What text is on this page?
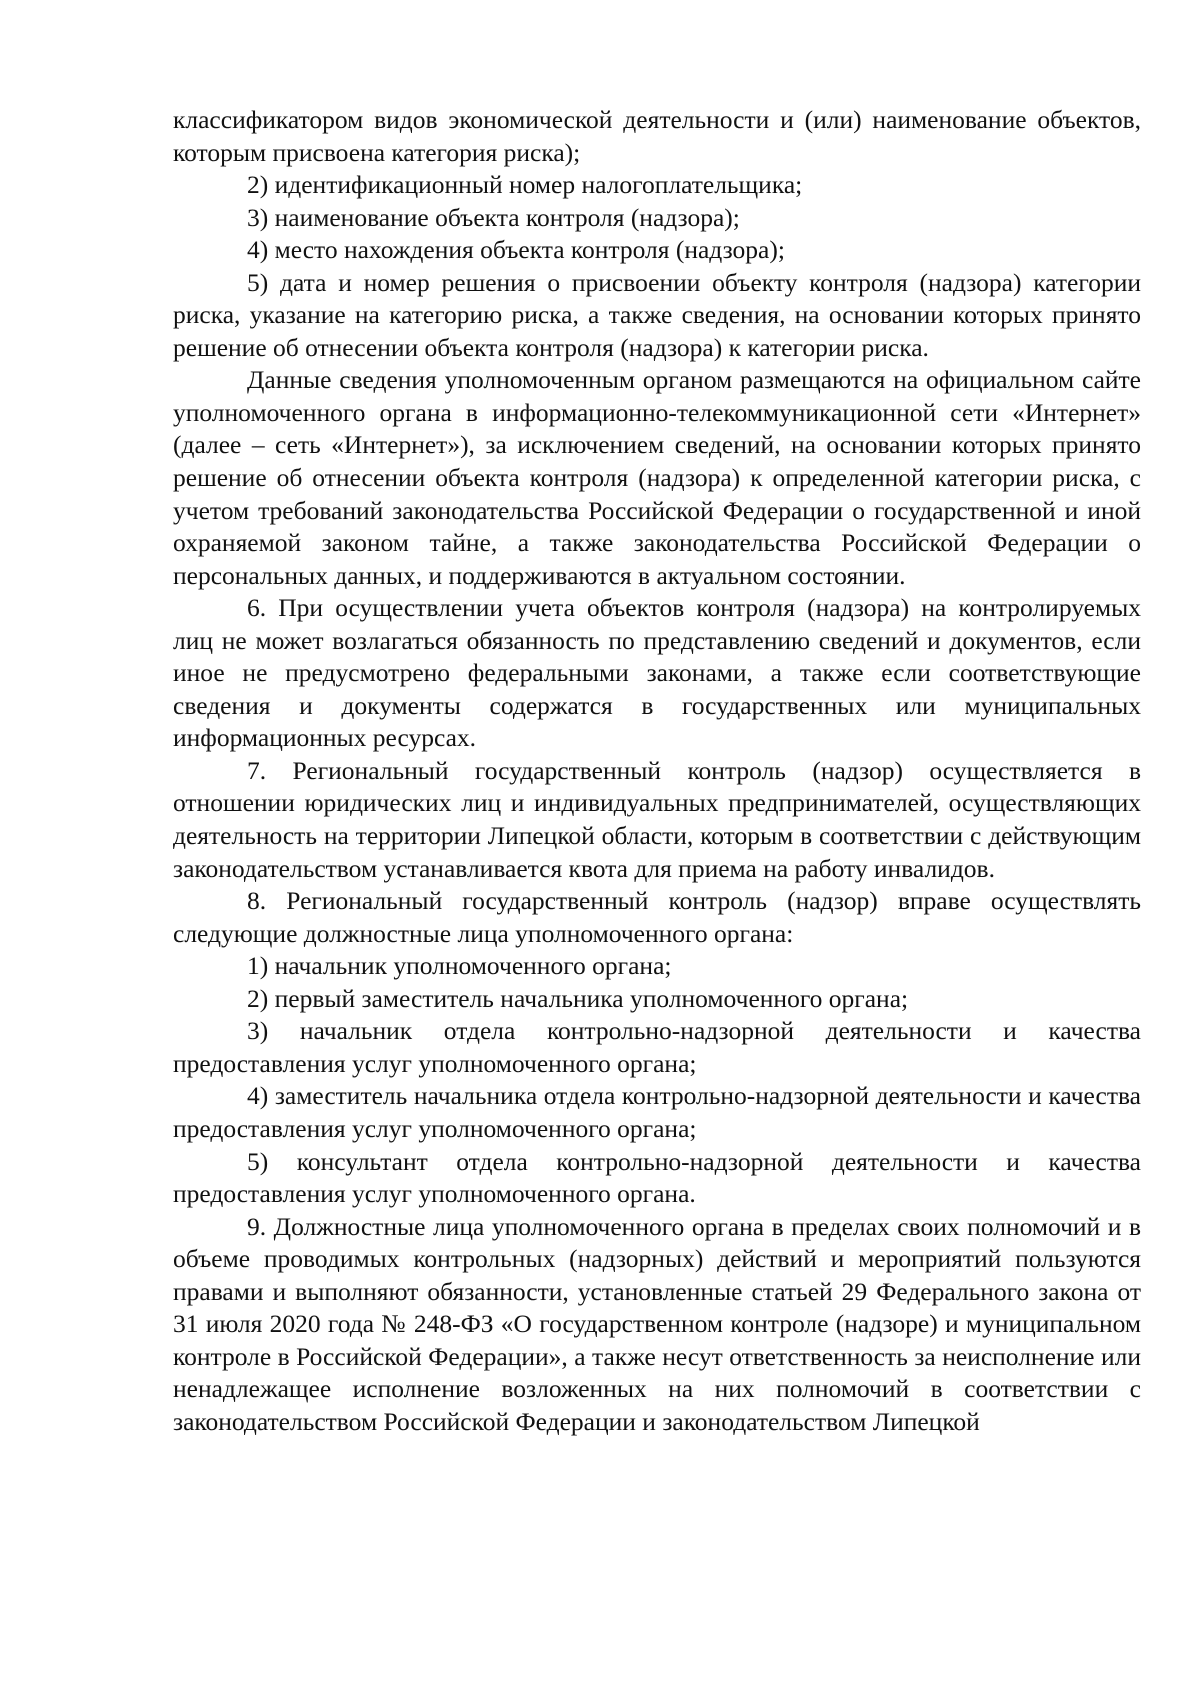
классификатором видов экономической деятельности и (или) наименование объектов, которым присвоена категория риска);

2) идентификационный номер налогоплательщика;

3) наименование объекта контроля (надзора);

4) место нахождения объекта контроля (надзора);

5) дата и номер решения о присвоении объекту контроля (надзора) категории риска, указание на категорию риска, а также сведения, на основании которых принято решение об отнесении объекта контроля (надзора) к категории риска.

Данные сведения уполномоченным органом размещаются на официальном сайте уполномоченного органа в информационно-телекоммуникационной сети «Интернет» (далее – сеть «Интернет»), за исключением сведений, на основании которых принято решение об отнесении объекта контроля (надзора) к определенной категории риска, с учетом требований законодательства Российской Федерации о государственной и иной охраняемой законом тайне, а также законодательства Российской Федерации о персональных данных, и поддерживаются в актуальном состоянии.

6. При осуществлении учета объектов контроля (надзора) на контролируемых лиц не может возлагаться обязанность по представлению сведений и документов, если иное не предусмотрено федеральными законами, а также если соответствующие сведения и документы содержатся в государственных или муниципальных информационных ресурсах.

7. Региональный государственный контроль (надзор) осуществляется в отношении юридических лиц и индивидуальных предпринимателей, осуществляющих деятельность на территории Липецкой области, которым в соответствии с действующим законодательством устанавливается квота для приема на работу инвалидов.

8. Региональный государственный контроль (надзор) вправе осуществлять следующие должностные лица уполномоченного органа:

1) начальник уполномоченного органа;

2) первый заместитель начальника уполномоченного органа;

3) начальник отдела контрольно-надзорной деятельности и качества предоставления услуг уполномоченного органа;

4) заместитель начальника отдела контрольно-надзорной деятельности и качества предоставления услуг уполномоченного органа;

5) консультант отдела контрольно-надзорной деятельности и качества предоставления услуг уполномоченного органа.

9. Должностные лица уполномоченного органа в пределах своих полномочий и в объеме проводимых контрольных (надзорных) действий и мероприятий пользуются правами и выполняют обязанности, установленные статьей 29 Федерального закона от 31 июля 2020 года № 248-ФЗ «О государственном контроле (надзоре) и муниципальном контроле в Российской Федерации», а также несут ответственность за неисполнение или ненадлежащее исполнение возложенных на них полномочий в соответствии с законодательством Российской Федерации и законодательством Липецкой
